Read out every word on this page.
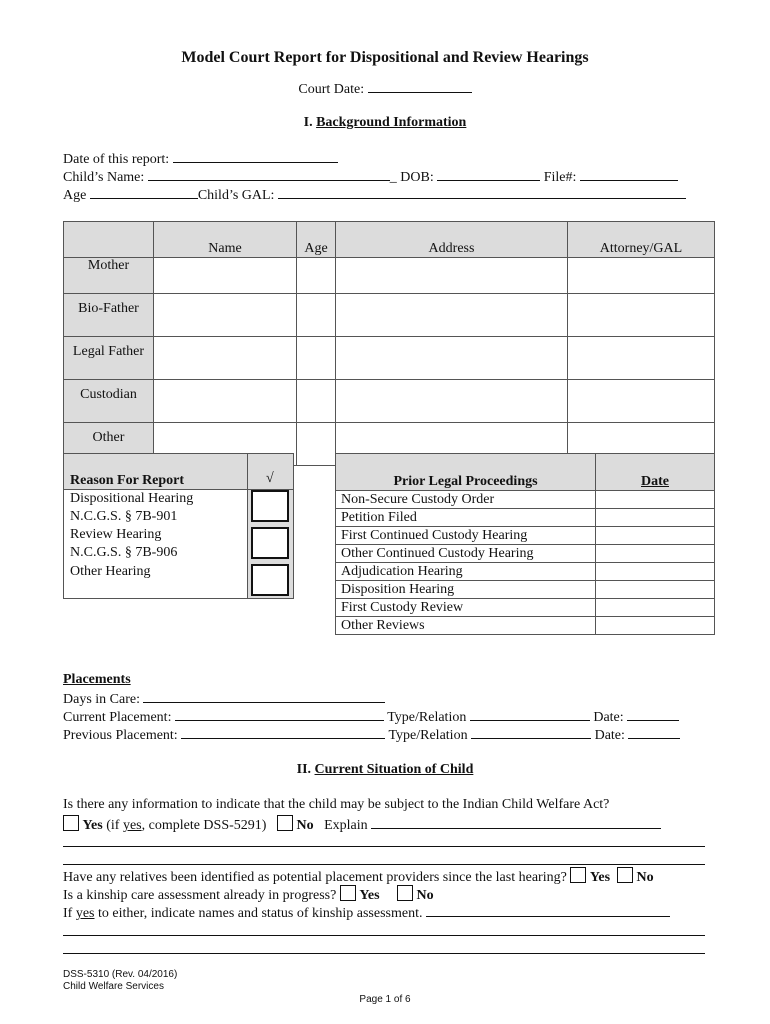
Model Court Report for Dispositional and Review Hearings
Court Date:
I. Background Information
Date of this report:
Child’s Name:	_ DOB:	File#:
Age	Child’s GAL:
	Name	Age	Address	Attorney/GAL
Mother				
Bio-Father				
Legal Father				
Custodian				
Other				
Reason For Report	√
Dispositional Hearing
N.C.G.S. § 7B-901
Review Hearing
N.C.G.S. § 7B-906
Other Hearing
Prior Legal Proceedings	Date
Non-Secure Custody Order	
Petition Filed	
First Continued Custody Hearing	
Other Continued Custody Hearing	
Adjudication Hearing	
Disposition Hearing	
First Custody Review	
Other Reviews	
Placements
Days in Care:
Current Placement:	Type/Relation	Date:
Previous Placement:	Type/Relation	Date:
II. Current Situation of Child
Is there any information to indicate that the child may be subject to the Indian Child Welfare Act?
Yes (if yes, complete DSS-5291) No Explain
Have any relatives been identified as potential placement providers since the last hearing? Yes No
Is a kinship care assessment already in progress? Yes	No
If yes to either, indicate names and status of kinship assessment.
DSS-5310 (Rev. 04/2016)
Child Welfare Services
Page 1 of 6
